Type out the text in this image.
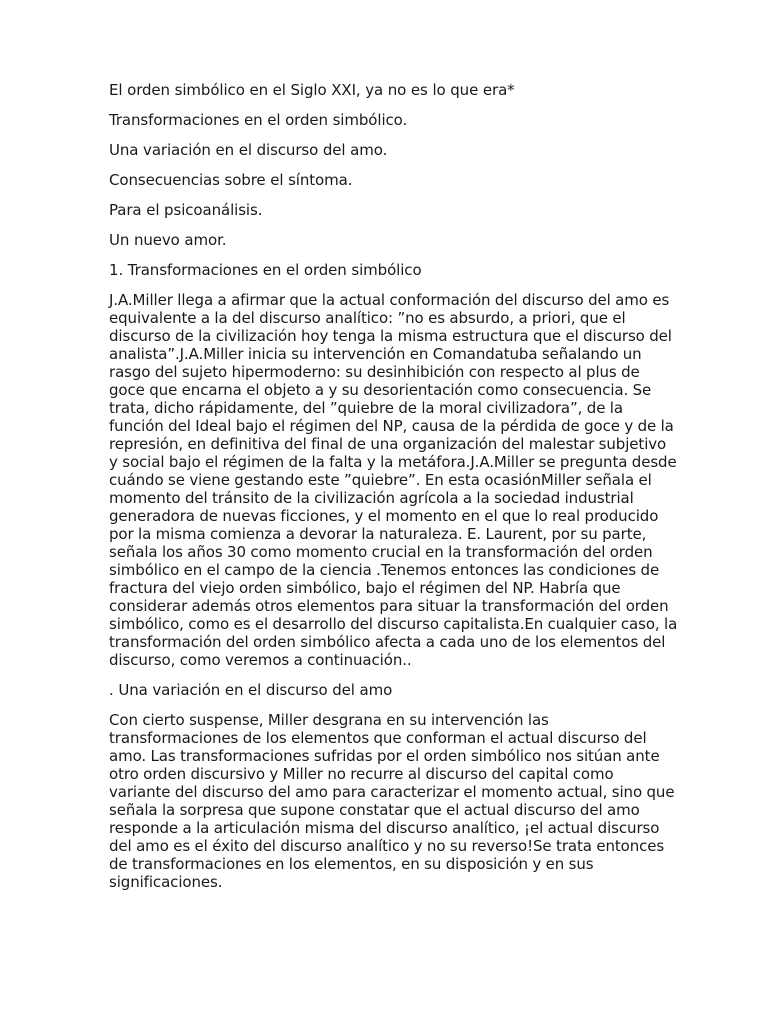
El orden simbólico en el Siglo XXI, ya no es lo que era*

Transformaciones en el orden simbólico.

Una variación en el discurso del amo.

Consecuencias sobre el síntoma.

Para el psicoanálisis.

Un nuevo amor.

1. Transformaciones en el orden simbólico

J.A.Miller llega a afirmar que la actual conformación del discurso del amo es
equivalente a la del discurso analítico: ”no es absurdo, a priori, que el
discurso de la civilización hoy tenga la misma estructura que el discurso del
analista”.J.A.Miller inicia su intervención en Comandatuba señalando un
rasgo del sujeto hipermoderno: su desinhibición con respecto al plus de
goce que encarna el objeto a y su desorientación como consecuencia. Se
trata, dicho rápidamente, del ”quiebre de la moral civilizadora”, de la
función del Ideal bajo el régimen del NP, causa de la pérdida de goce y de la
represión, en definitiva del final de una organización del malestar subjetivo
y social bajo el régimen de la falta y la metáfora.J.A.Miller se pregunta desde
cuándo se viene gestando este ”quiebre”. En esta ocasiónMiller señala el
momento del tránsito de la civilización agrícola a la sociedad industrial
generadora de nuevas ficciones, y el momento en el que lo real producido
por la misma comienza a devorar la naturaleza. E. Laurent, por su parte,
señala los años 30 como momento crucial en la transformación del orden
simbólico en el campo de la ciencia .Tenemos entonces las condiciones de
fractura del viejo orden simbólico, bajo el régimen del NP. Habría que
considerar además otros elementos para situar la transformación del orden
simbólico, como es el desarrollo del discurso capitalista.En cualquier caso, la
transformación del orden simbólico afecta a cada uno de los elementos del
discurso, como veremos a continuación..

. Una variación en el discurso del amo

Con cierto suspense, Miller desgrana en su intervención las
transformaciones de los elementos que conforman el actual discurso del
amo. Las transformaciones sufridas por el orden simbólico nos sitúan ante
otro orden discursivo y Miller no recurre al discurso del capital como
variante del discurso del amo para caracterizar el momento actual, sino que
señala la sorpresa que supone constatar que el actual discurso del amo
responde a la articulación misma del discurso analítico, ¡el actual discurso
del amo es el éxito del discurso analítico y no su reverso!Se trata entonces
de transformaciones en los elementos, en su disposición y en sus
significaciones.
